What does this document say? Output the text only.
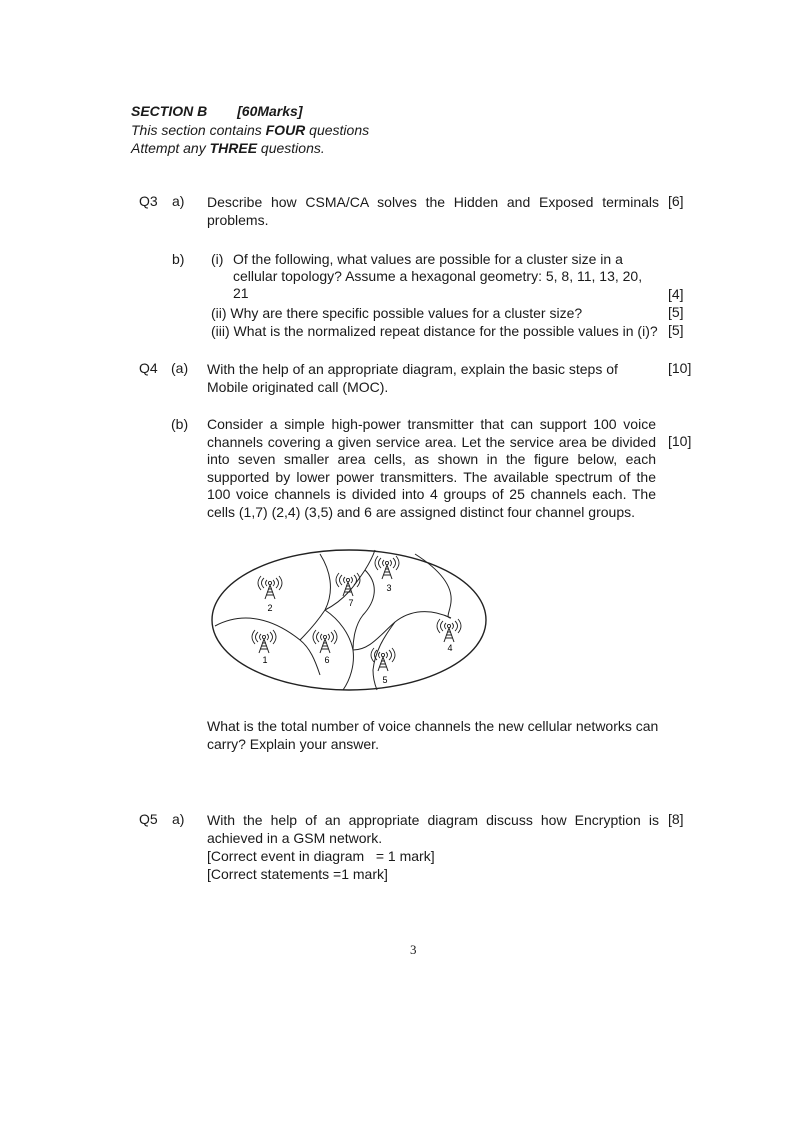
SECTION B [60Marks]
This section contains FOUR questions
Attempt any THREE questions.
Q3 a) Describe how CSMA/CA solves the Hidden and Exposed terminals problems.
[6]
b) (i) Of the following, what values are possible for a cluster size in a cellular topology? Assume a hexagonal geometry: 5, 8, 11, 13, 20, 21	[4]
(ii) Why are there specific possible values for a cluster size?	[5]
(iii) What is the normalized repeat distance for the possible values in (i)? [5]
Q4 (a) With the help of an appropriate diagram, explain the basic steps of Mobile originated call (MOC).
[10]
(b) Consider a simple high-power transmitter that can support 100 voice channels covering a given service area. Let the service area be divided into seven smaller area cells, as shown in the figure below, each supported by lower power transmitters. The available spectrum of the 100 voice channels is divided into 4 groups of 25 channels each. The cells (1,7) (2,4) (3,5) and 6 are assigned distinct four channel groups.
[10]
2	7
3
4
1	6
5
What is the total number of voice channels the new cellular networks can carry? Explain your answer.
Q5 a) With the help of an appropriate diagram discuss how Encryption is achieved in a GSM network.
[8]
[Correct event in diagram   = 1 mark]
[Correct statements =1 mark]
3
